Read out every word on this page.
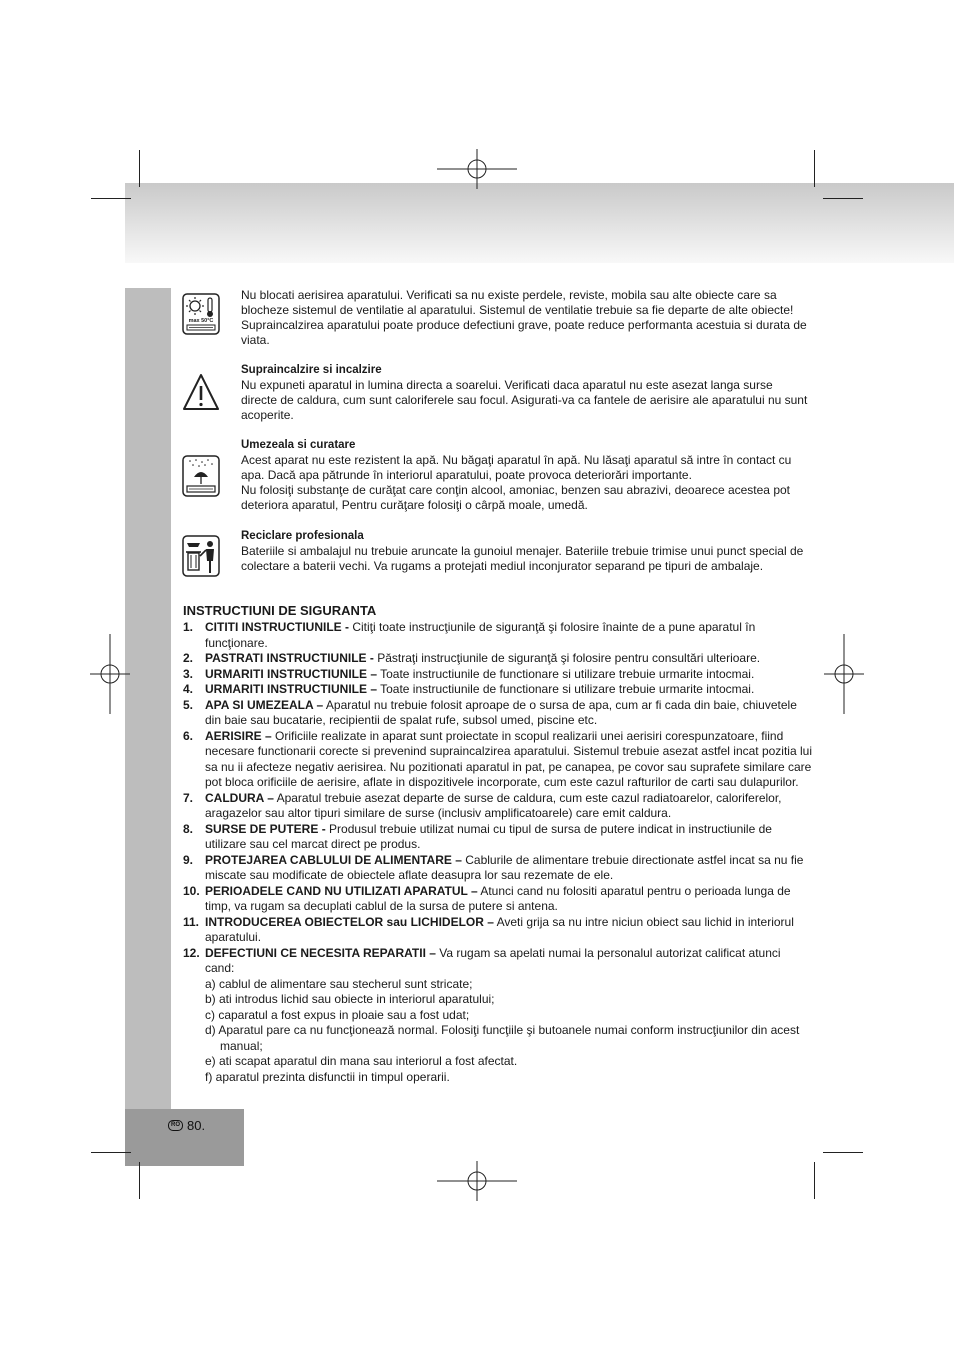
max 50°C

Nu blocati aerisirea aparatului. Verificati sa nu existe perdele, reviste, mobila sau alte obiecte care sa blocheze sistemul de ventilatie al aparatului. Sistemul de ventilatie trebuie sa fie departe de alte obiecte! Supraincalzirea aparatului poate produce defectiuni grave, poate reduce performanta acestuia si durata de viata.

Supraincalzire si incalzire

Nu expuneti aparatul in lumina directa a soarelui. Verificati daca aparatul nu este asezat langa surse directe de caldura, cum sunt caloriferele sau focul. Asigurati-va ca fantele de aerisire ale aparatului nu sunt acoperite.

Umezeala si curatare

Acest aparat nu este rezistent la apă. Nu băgaţi aparatul în apă. Nu lăsaţi aparatul să intre în contact cu apa. Dacă apa pătrunde în interiorul aparatului, poate provoca deteriorări importante.

Nu folosiţi substanţe de curăţat care conţin alcool, amoniac, benzen sau abrazivi, deoarece acestea pot deteriora aparatul, Pentru curăţare folosiţi o cârpă moale, umedă.

Reciclare profesionala

Bateriile si ambalajul nu trebuie aruncate la gunoiul menajer. Bateriile trebuie trimise unui punct special de colectare a baterii vechi. Va rugams a protejati mediul inconjurator separand pe tipuri de ambalaje.

INSTRUCTIUNI DE SIGURANTA
1. CITITI INSTRUCTIUNILE - Citiţi toate instrucţiunile de siguranţă şi folosire înainte de a pune aparatul în funcţionare.
2. PASTRATI INSTRUCTIUNILE - Păstraţi instrucţiunile de siguranţă şi folosire pentru consultări ulterioare.
3. URMARITI INSTRUCTIUNILE – Toate instructiunile de functionare si utilizare trebuie urmarite intocmai.
4. URMARITI INSTRUCTIUNILE – Toate instructiunile de functionare si utilizare trebuie urmarite intocmai.
5. APA SI UMEZEALA – Aparatul nu trebuie folosit aproape de o sursa de apa, cum ar fi cada din baie, chiuvetele din baie sau bucatarie, recipientii de spalat rufe, subsol umed, piscine etc.
6. AERISIRE – Orificiile realizate in aparat sunt proiectate in scopul realizarii unei aerisiri corespunzatoare, fiind necesare functionarii corecte si prevenind supraincalzirea aparatului. Sistemul trebuie asezat astfel incat pozitia lui sa nu ii afecteze negativ aerisirea. Nu pozitionati aparatul in pat, pe canapea, pe covor sau suprafete similare care pot bloca orificiile de aerisire, aflate in dispozitivele incorporate, cum este cazul rafturilor de carti sau dulapurilor.
7. CALDURA – Aparatul trebuie asezat departe de surse de caldura, cum este cazul radiatoarelor, caloriferelor, aragazelor sau altor tipuri similare de surse (inclusiv amplificatoarele) care emit caldura.
8. SURSE DE PUTERE - Produsul trebuie utilizat numai cu tipul de sursa de putere indicat in instructiunile de utilizare sau cel marcat direct pe produs.
9. PROTEJAREA CABLULUI DE ALIMENTARE – Cablurile de alimentare trebuie directionate astfel incat sa nu fie miscate sau modificate de obiectele aflate deasupra lor sau rezemate de ele.
10. PERIOADELE CAND NU UTILIZATI APARATUL – Atunci cand nu folositi aparatul pentru o perioada lunga de timp, va rugam sa decuplati cablul de la sursa de putere si antena.
11. INTRODUCEREA OBIECTELOR sau LICHIDELOR – Aveti grija sa nu intre niciun obiect sau lichid in interiorul aparatului.
12. DEFECTIUNI CE NECESITA REPARATII – Va rugam sa apelati numai la personalul autorizat calificat atunci cand:
a) cablul de alimentare sau stecherul sunt stricate;
b) ati introdus lichid sau obiecte in interiorul aparatului;
c) caparatul a fost expus in ploaie sau a fost udat;
d) Aparatul pare ca nu funcţionează normal. Folosiţi funcţiile şi butoanele numai conform instrucţiunilor din acest manual;
e) ati scapat aparatul din mana sau interiorul a fost afectat.
f) aparatul prezinta disfunctii in timpul operarii.
RO 80.
